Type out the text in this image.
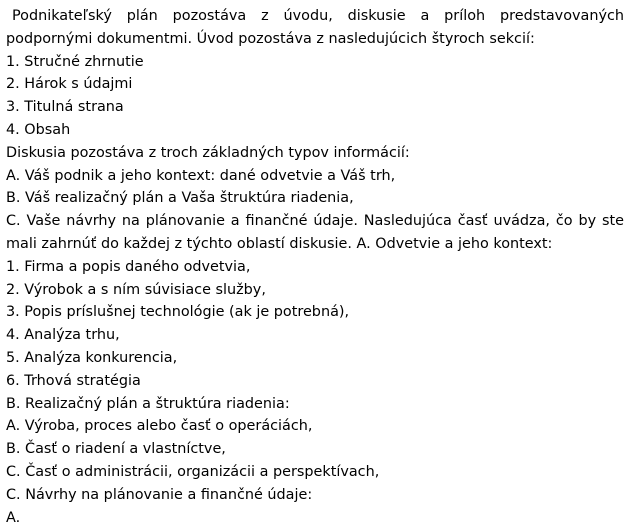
Podnikateľský plán pozostáva z úvodu, diskusie a príloh predstavovaných podpornými dokumentmi. Úvod pozostáva z nasledujúcich štyroch sekcií:

1. Stručné zhrnutie

2. Hárok s údajmi

3. Titulná strana

4. Obsah

Diskusia pozostáva z troch základných typov informácií:

A. Váš podnik a jeho kontext: dané odvetvie a Váš trh,

B. Váš realizačný plán a Vaša štruktúra riadenia,

C. Vaše návrhy na plánovanie a finančné údaje. Nasledujúca časť uvádza, čo by ste mali zahrnúť do každej z týchto oblastí diskusie. A. Odvetvie a jeho kontext:

1. Firma a popis daného odvetvia,

2. Výrobok a s ním súvisiace služby,

3. Popis príslušnej technológie (ak je potrebná),

4. Analýza trhu,

5. Analýza konkurencia,

6. Trhová stratégia

B. Realizačný plán a štruktúra riadenia:

A. Výroba, proces alebo časť o operáciách,

B. Časť o riadení a vlastníctve,

C. Časť o administrácii, organizácii a perspektívach,

C. Návrhy na plánovanie a finančné údaje:

A.
